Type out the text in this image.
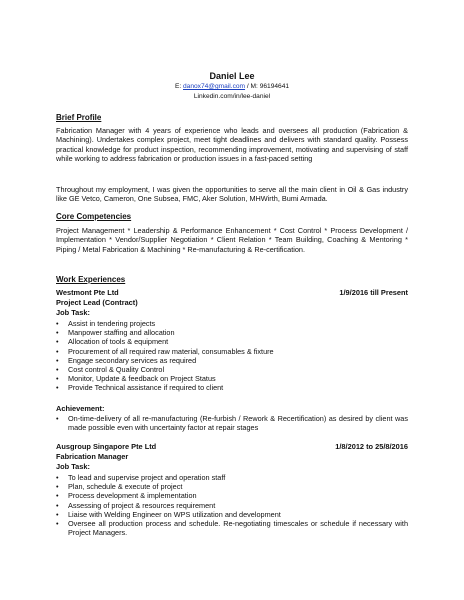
Daniel Lee
E: danox74@gmail.com / M: 96194641
Linkedin.com/in/lee-daniel
Brief Profile
Fabrication Manager with 4 years of experience who leads and oversees all production (Fabrication & Machining). Undertakes complex project, meet tight deadlines and delivers with standard quality. Possess practical knowledge for product inspection, recommending improvement, motivating and supervising of staff while working to address fabrication or production issues in a fast-paced setting
Throughout my employment, I was given the opportunities to serve all the main client in Oil & Gas industry like GE Vetco, Cameron, One Subsea, FMC, Aker Solution, MHWirth, Bumi Armada.
Core Competencies
Project Management * Leadership & Performance Enhancement * Cost Control * Process Development / Implementation * Vendor/Supplier Negotiation * Client Relation * Team Building, Coaching & Mentoring * Piping / Metal Fabrication & Machining * Re-manufacturing & Re-certification.
Work Experiences
Westmont Pte Ltd	1/9/2016 till Present
Project Lead (Contract)
Job Task:
• Assist in tendering projects
• Manpower staffing and allocation
• Allocation of tools & equipment
• Procurement of all required raw material, consumables & fixture
• Engage secondary services as required
• Cost control & Quality Control
• Monitor, Update & feedback on Project Status
• Provide Technical assistance if required to client
Achievement:
• On-time-delivery of all re-manufacturing (Re-furbish / Rework & Recertification) as desired by client was made possible even with uncertainty factor at repair stages
Ausgroup Singapore Pte Ltd	1/8/2012 to 25/8/2016
Fabrication Manager
Job Task:
• To lead and supervise project and operation staff
• Plan, schedule & execute of project
• Process development & implementation
• Assessing of project & resources requirement
• Liaise with Welding Engineer on WPS utilization and development
• Oversee all production process and schedule. Re-negotiating timescales or schedule if necessary with Project Managers.
